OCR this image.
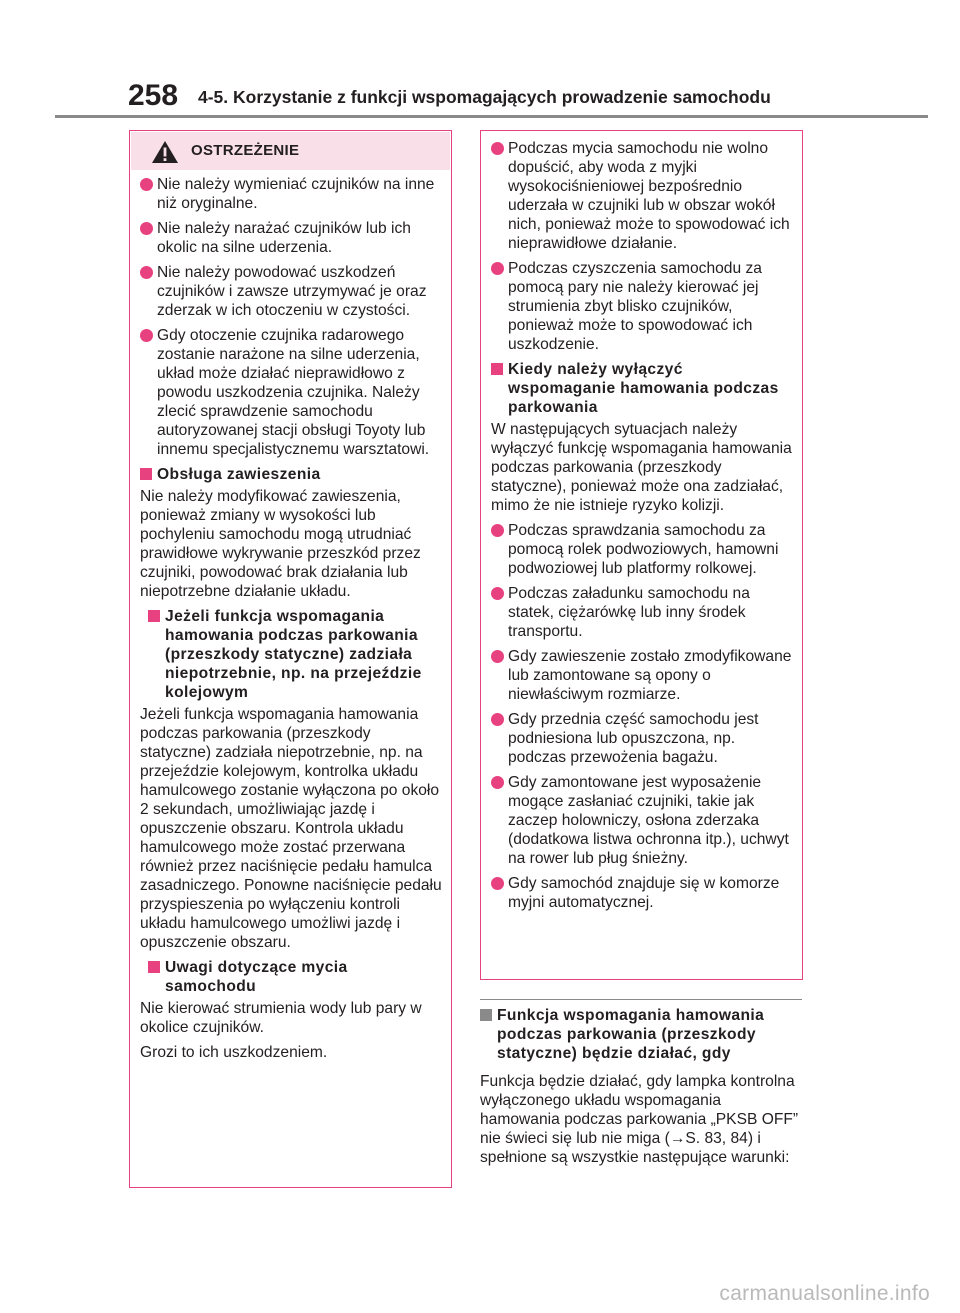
258 4-5. Korzystanie z funkcji wspomagających prowadzenie samochodu
OSTRZEŻENIE
Nie należy wymieniać czujników na inne niż oryginalne.
Nie należy narażać czujników lub ich okolic na silne uderzenia.
Nie należy powodować uszkodzeń czujników i zawsze utrzymywać je oraz zderzak w ich otoczeniu w czystości.
Gdy otoczenie czujnika radarowego zostanie narażone na silne uderzenia, układ może działać nieprawidłowo z powodu uszkodzenia czujnika. Należy zlecić sprawdzenie samochodu autoryzowanej stacji obsługi Toyoty lub innemu specjalistycznemu warsztatowi.
Obsługa zawieszenia
Nie należy modyfikować zawieszenia, ponieważ zmiany w wysokości lub pochyleniu samochodu mogą utrudniać prawidłowe wykrywanie przeszkód przez czujniki, powodować brak działania lub niepotrzebne działanie układu.
Jeżeli funkcja wspomagania hamowania podczas parkowania (przeszkody statyczne) zadziała niepotrzebnie, np. na przejeździe kolejowym
Jeżeli funkcja wspomagania hamowania podczas parkowania (przeszkody statyczne) zadziała niepotrzebnie, np. na przejeździe kolejowym, kontrolka układu hamulcowego zostanie wyłączona po około 2 sekundach, umożliwiając jazdę i opuszczenie obszaru. Kontrola układu hamulcowego może zostać przerwana również przez naciśnięcie pedału hamulca zasadniczego. Ponowne naciśnięcie pedału przyspieszenia po wyłączeniu kontroli układu hamulcowego umożliwi jazdę i opuszczenie obszaru.
Uwagi dotyczące mycia samochodu
Nie kierować strumienia wody lub pary w okolice czujników.
Grozi to ich uszkodzeniem.
Podczas mycia samochodu nie wolno dopuścić, aby woda z myjki wysokociśnieniowej bezpośrednio uderzała w czujniki lub w obszar wokół nich, ponieważ może to spowodować ich nieprawidłowe działanie.
Podczas czyszczenia samochodu za pomocą pary nie należy kierować jej strumienia zbyt blisko czujników, ponieważ może to spowodować ich uszkodzenie.
Kiedy należy wyłączyć wspomaganie hamowania podczas parkowania
W następujących sytuacjach należy wyłączyć funkcję wspomagania hamowania podczas parkowania (przeszkody statyczne), ponieważ może ona zadziałać, mimo że nie istnieje ryzyko kolizji.
Podczas sprawdzania samochodu za pomocą rolek podwoziowych, hamowni podwoziowej lub platformy rolkowej.
Podczas załadunku samochodu na statek, ciężarówkę lub inny środek transportu.
Gdy zawieszenie zostało zmodyfikowane lub zamontowane są opony o niewłaściwym rozmiarze.
Gdy przednia część samochodu jest podniesiona lub opuszczona, np. podczas przewożenia bagażu.
Gdy zamontowane jest wyposażenie mogące zasłaniać czujniki, takie jak zaczep holowniczy, osłona zderzaka (dodatkowa listwa ochronna itp.), uchwyt na rower lub pług śnieżny.
Gdy samochód znajduje się w komorze myjni automatycznej.
Funkcja wspomagania hamowania podczas parkowania (przeszkody statyczne) będzie działać, gdy
Funkcja będzie działać, gdy lampka kontrolna wyłączonego układu wspomagania hamowania podczas parkowania „PKSB OFF” nie świeci się lub nie miga (→S. 83, 84) i spełnione są wszystkie następujące warunki:
carmanualsonline.info
